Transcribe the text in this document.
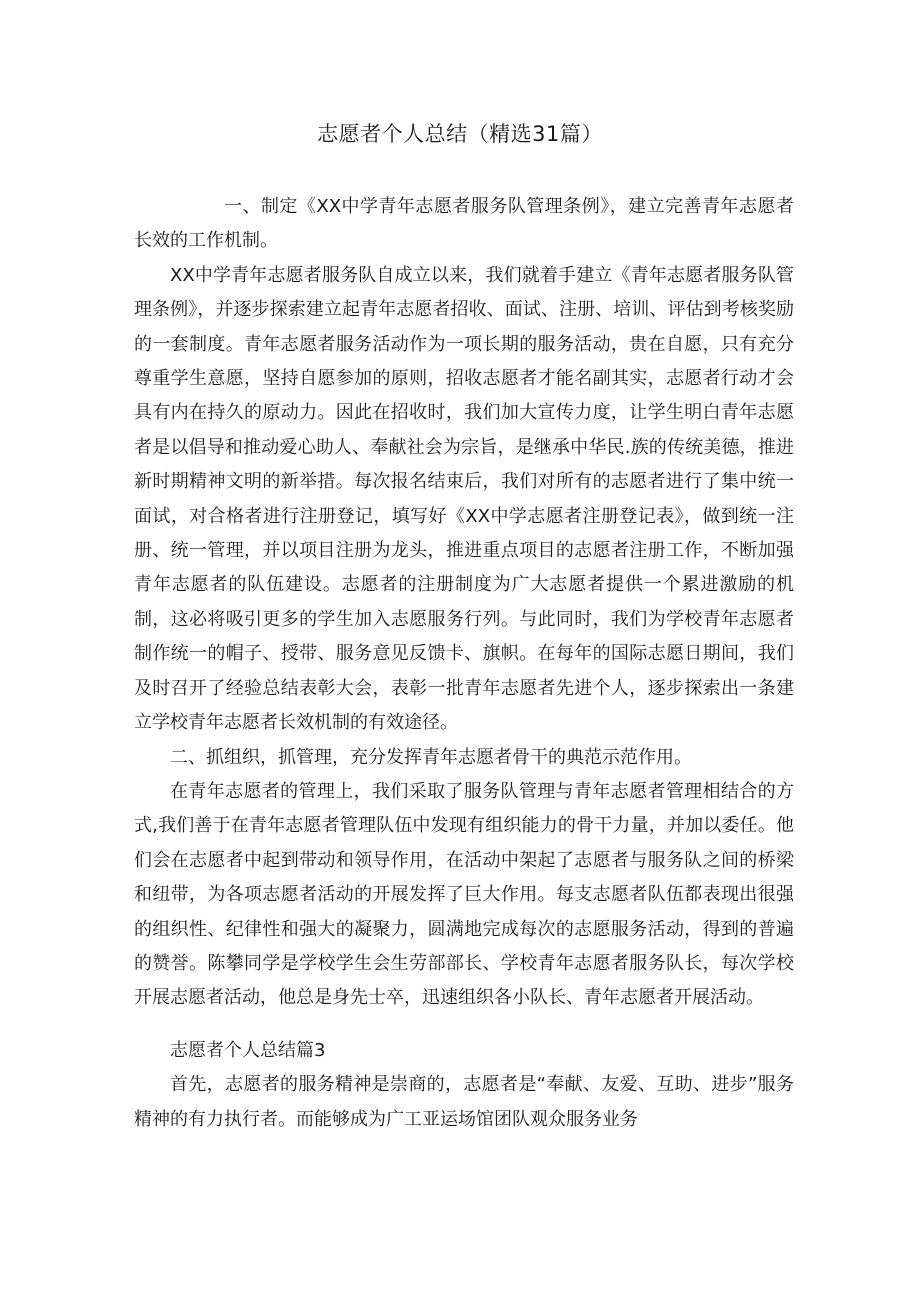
志愿者个人总结（精选31篇）

一、制定《XX中学青年志愿者服务队管理条例》，建立完善青年志愿者长效的工作机制。

XX中学青年志愿者服务队自成立以来，我们就着手建立《青年志愿者服务队管理条例》，并逐步探索建立起青年志愿者招收、面试、注册、培训、评估到考核奖励的一套制度。青年志愿者服务活动作为一项长期的服务活动，贵在自愿，只有充分尊重学生意愿，坚持自愿参加的原则，招收志愿者才能名副其实，志愿者行动才会具有内在持久的原动力。因此在招收时，我们加大宣传力度，让学生明白青年志愿者是以倡导和推动爱心助人、奉献社会为宗旨，是继承中华民.族的传统美德，推进新时期精神文明的新举措。每次报名结束后，我们对所有的志愿者进行了集中统一面试，对合格者进行注册登记，填写好《XX中学志愿者注册登记表》，做到统一注册、统一管理，并以项目注册为龙头，推进重点项目的志愿者注册工作，不断加强青年志愿者的队伍建设。志愿者的注册制度为广大志愿者提供一个累进激励的机制，这必将吸引更多的学生加入志愿服务行列。与此同时，我们为学校青年志愿者制作统一的帽子、授带、服务意见反馈卡、旗帜。在每年的国际志愿日期间，我们及时召开了经验总结表彰大会，表彰一批青年志愿者先进个人，逐步探索出一条建立学校青年志愿者长效机制的有效途径。

二、抓组织，抓管理，充分发挥青年志愿者骨干的典范示范作用。

在青年志愿者的管理上，我们采取了服务队管理与青年志愿者管理相结合的方式,我们善于在青年志愿者管理队伍中发现有组织能力的骨干力量，并加以委任。他们会在志愿者中起到带动和领导作用，在活动中架起了志愿者与服务队之间的桥梁和纽带，为各项志愿者活动的开展发挥了巨大作用。每支志愿者队伍都表现出很强的组织性、纪律性和强大的凝聚力，圆满地完成每次的志愿服务活动，得到的普遍的赞誉。陈攀同学是学校学生会生劳部部长、学校青年志愿者服务队长，每次学校开展志愿者活动，他总是身先士卒，迅速组织各小队长、青年志愿者开展活动。

志愿者个人总结篇3

首先，志愿者的服务精神是崇商的，志愿者是“奉献、友爱、互助、进步”服务精神的有力执行者。而能够成为广工亚运场馆团队观众服务业务
